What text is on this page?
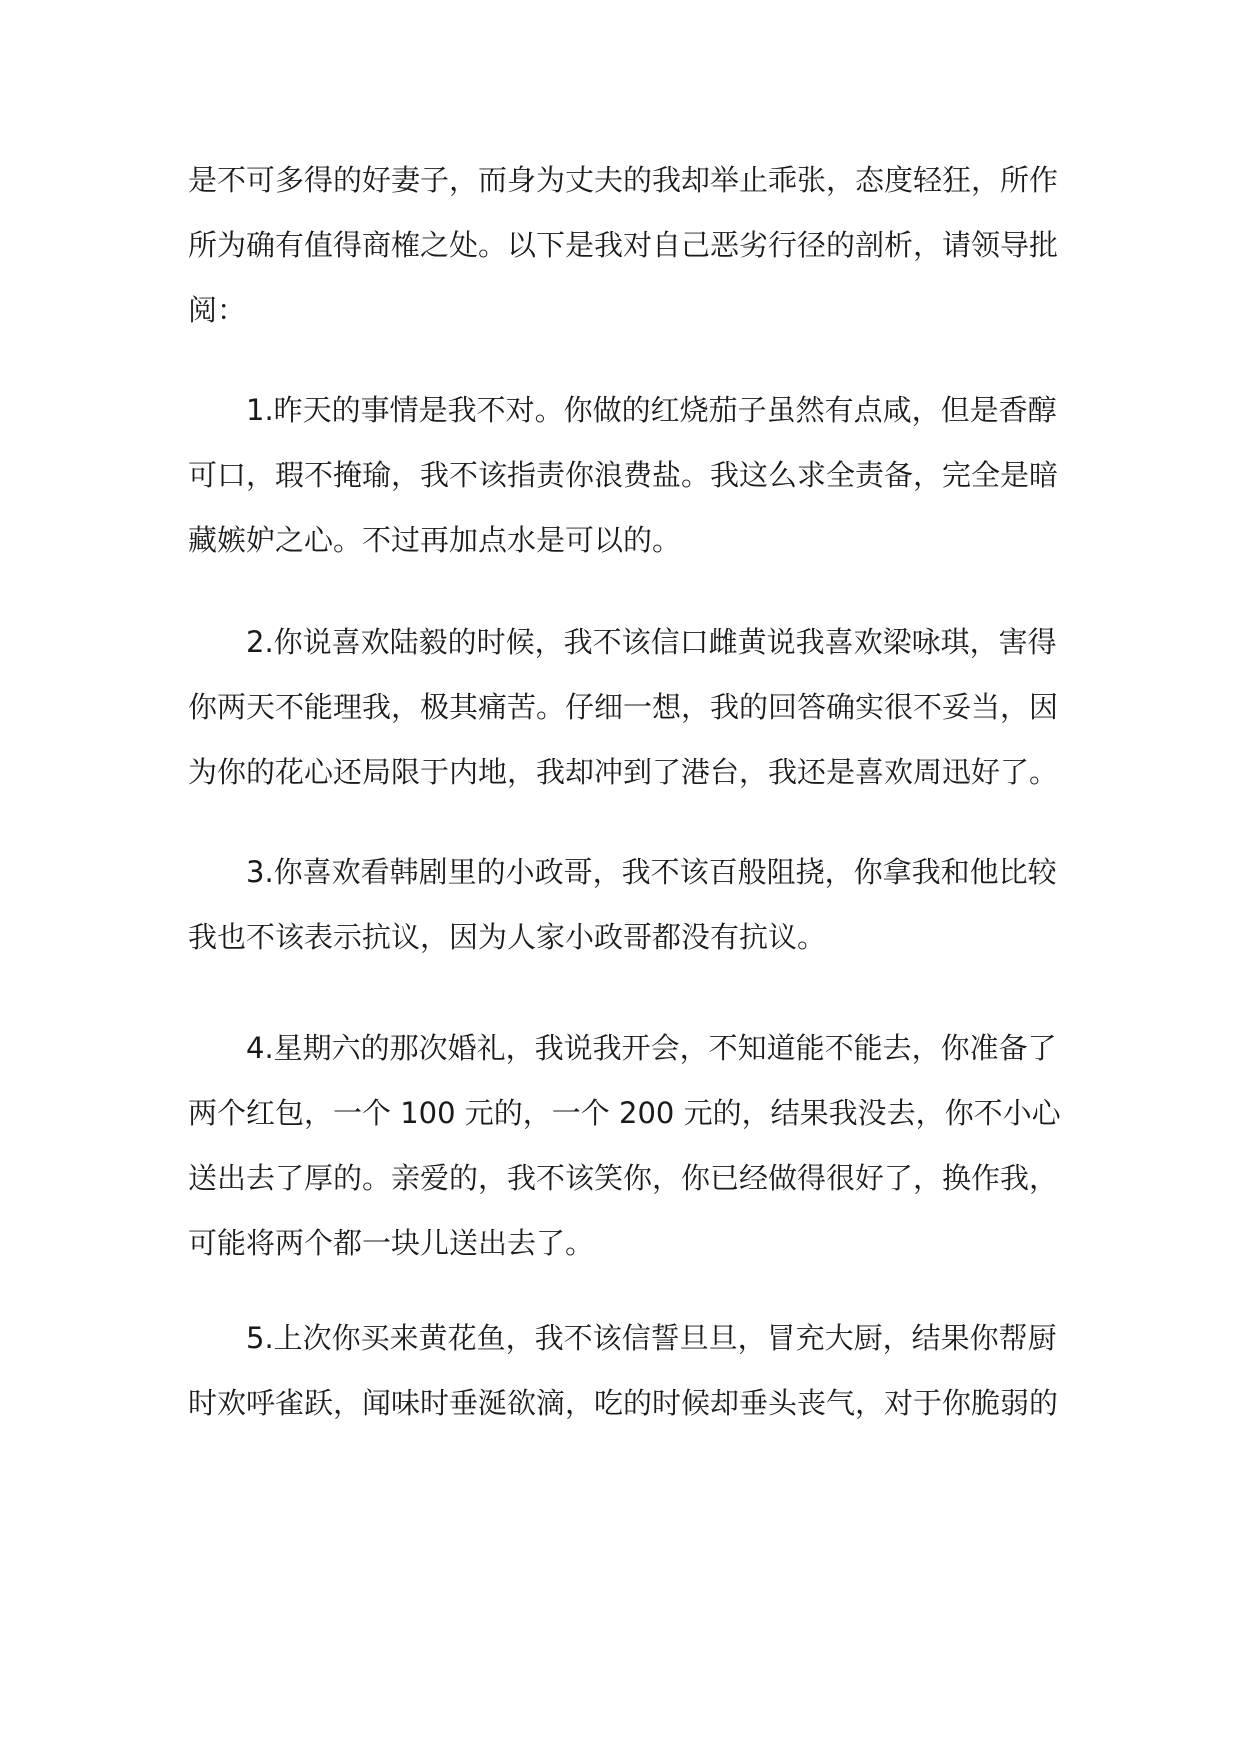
是不可多得的好妻子，而身为丈夫的我却举止乖张，态度轻狂，所作
所为确有值得商榷之处。以下是我对自己恶劣行径的剖析，请领导批
阅：
1.昨天的事情是我不对。你做的红烧茄子虽然有点咸，但是香醇
可口，瑕不掩瑜，我不该指责你浪费盐。我这么求全责备，完全是暗
藏嫉妒之心。不过再加点水是可以的。
2.你说喜欢陆毅的时候，我不该信口雌黄说我喜欢梁咏琪，害得
你两天不能理我，极其痛苦。仔细一想，我的回答确实很不妥当，因
为你的花心还局限于内地，我却冲到了港台，我还是喜欢周迅好了。
3.你喜欢看韩剧里的小政哥，我不该百般阻挠，你拿我和他比较
我也不该表示抗议，因为人家小政哥都没有抗议。
4.星期六的那次婚礼，我说我开会，不知道能不能去，你准备了
两个红包，一个 100 元的，一个 200 元的，结果我没去，你不小心
送出去了厚的。亲爱的，我不该笑你，你已经做得很好了，换作我，
可能将两个都一块儿送出去了。
5.上次你买来黄花鱼，我不该信誓旦旦，冒充大厨，结果你帮厨
时欢呼雀跃，闻味时垂涎欲滴，吃的时候却垂头丧气，对于你脆弱的
